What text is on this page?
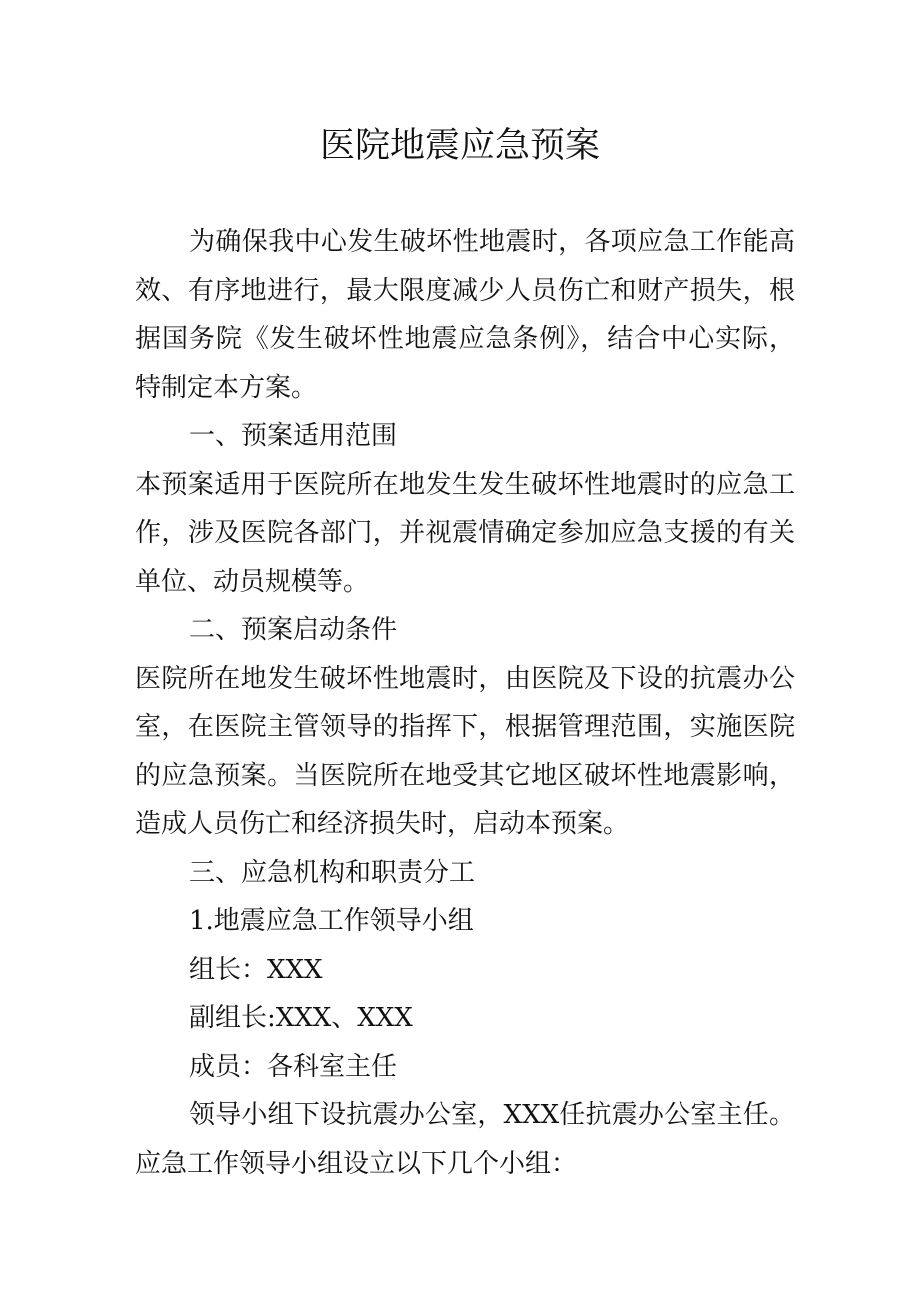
医院地震应急预案

为确保我中心发生破坏性地震时，各项应急工作能高效、有序地进行，最大限度减少人员伤亡和财产损失，根据国务院《发生破坏性地震应急条例》，结合中心实际，特制定本方案。

一、预案适用范围

本预案适用于医院所在地发生发生破坏性地震时的应急工作，涉及医院各部门，并视震情确定参加应急支援的有关单位、动员规模等。

二、预案启动条件

医院所在地发生破坏性地震时，由医院及下设的抗震办公室，在医院主管领导的指挥下，根据管理范围，实施医院的应急预案。当医院所在地受其它地区破坏性地震影响，造成人员伤亡和经济损失时，启动本预案。

三、应急机构和职责分工

1.地震应急工作领导小组

组长：XXX

副组长:XXX、XXX

成员：各科室主任

领导小组下设抗震办公室，XXX任抗震办公室主任。应急工作领导小组设立以下几个小组：
